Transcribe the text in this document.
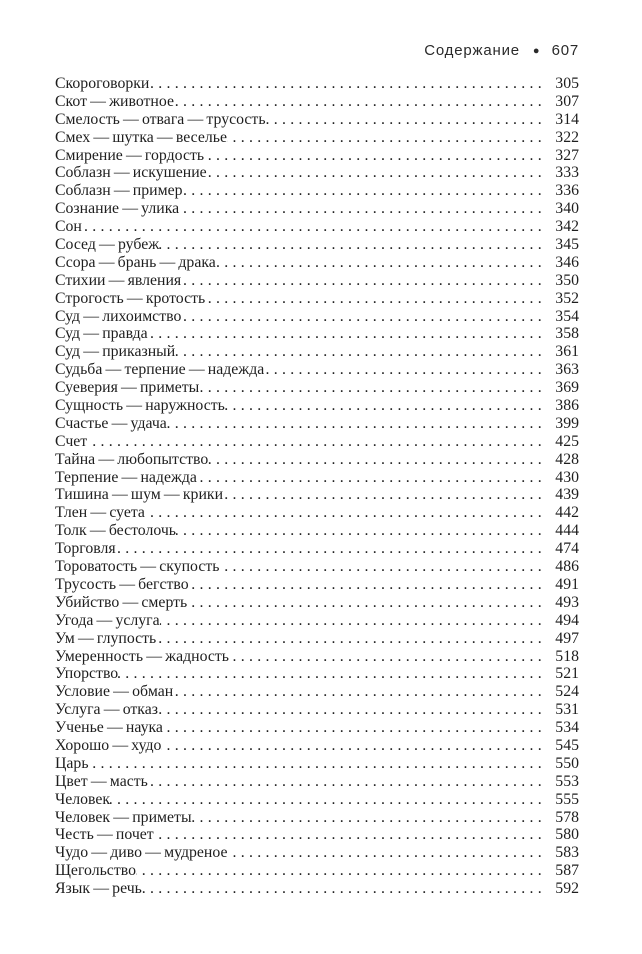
Содержание ● 607
Скороговорки .....	305
Скот — животное .....	307
Смелость — отвага — трусость .....	314
Смех — шутка — веселье .....	322
Смирение — гордость .....	327
Соблазн — искушение .....	333
Соблазн — пример .....	336
Сознание — улика .....	340
Сон .....	342
Сосед — рубеж .....	345
Ссора — брань — драка .....	346
Стихии — явления .....	350
Строгость — кротость .....	352
Суд — лихоимство .....	354
Суд — правда .....	358
Суд — приказный .....	361
Судьба — терпение — надежда .....	363
Суеверия — приметы .....	369
Сущность — наружность .....	386
Счастье — удача .....	399
Счет .....	425
Тайна — любопытство .....	428
Терпение — надежда .....	430
Тишина — шум — крики .....	439
Тлен — суета .....	442
Толк — бестолочь .....	444
Торговля .....	474
Тороватость — скупость .....	486
Трусость — бегство .....	491
Убийство — смерть .....	493
Угода — услуга .....	494
Ум — глупость .....	497
Умеренность — жадность .....	518
Упорство .....	521
Условие — обман .....	524
Услуга — отказ .....	531
Ученье — наука .....	534
Хорошо — худо .....	545
Царь .....	550
Цвет — масть .....	553
Человек .....	555
Человек — приметы .....	578
Честь — почет .....	580
Чудо — диво — мудреное .....	583
Щегольство .....	587
Язык — речь .....	592
